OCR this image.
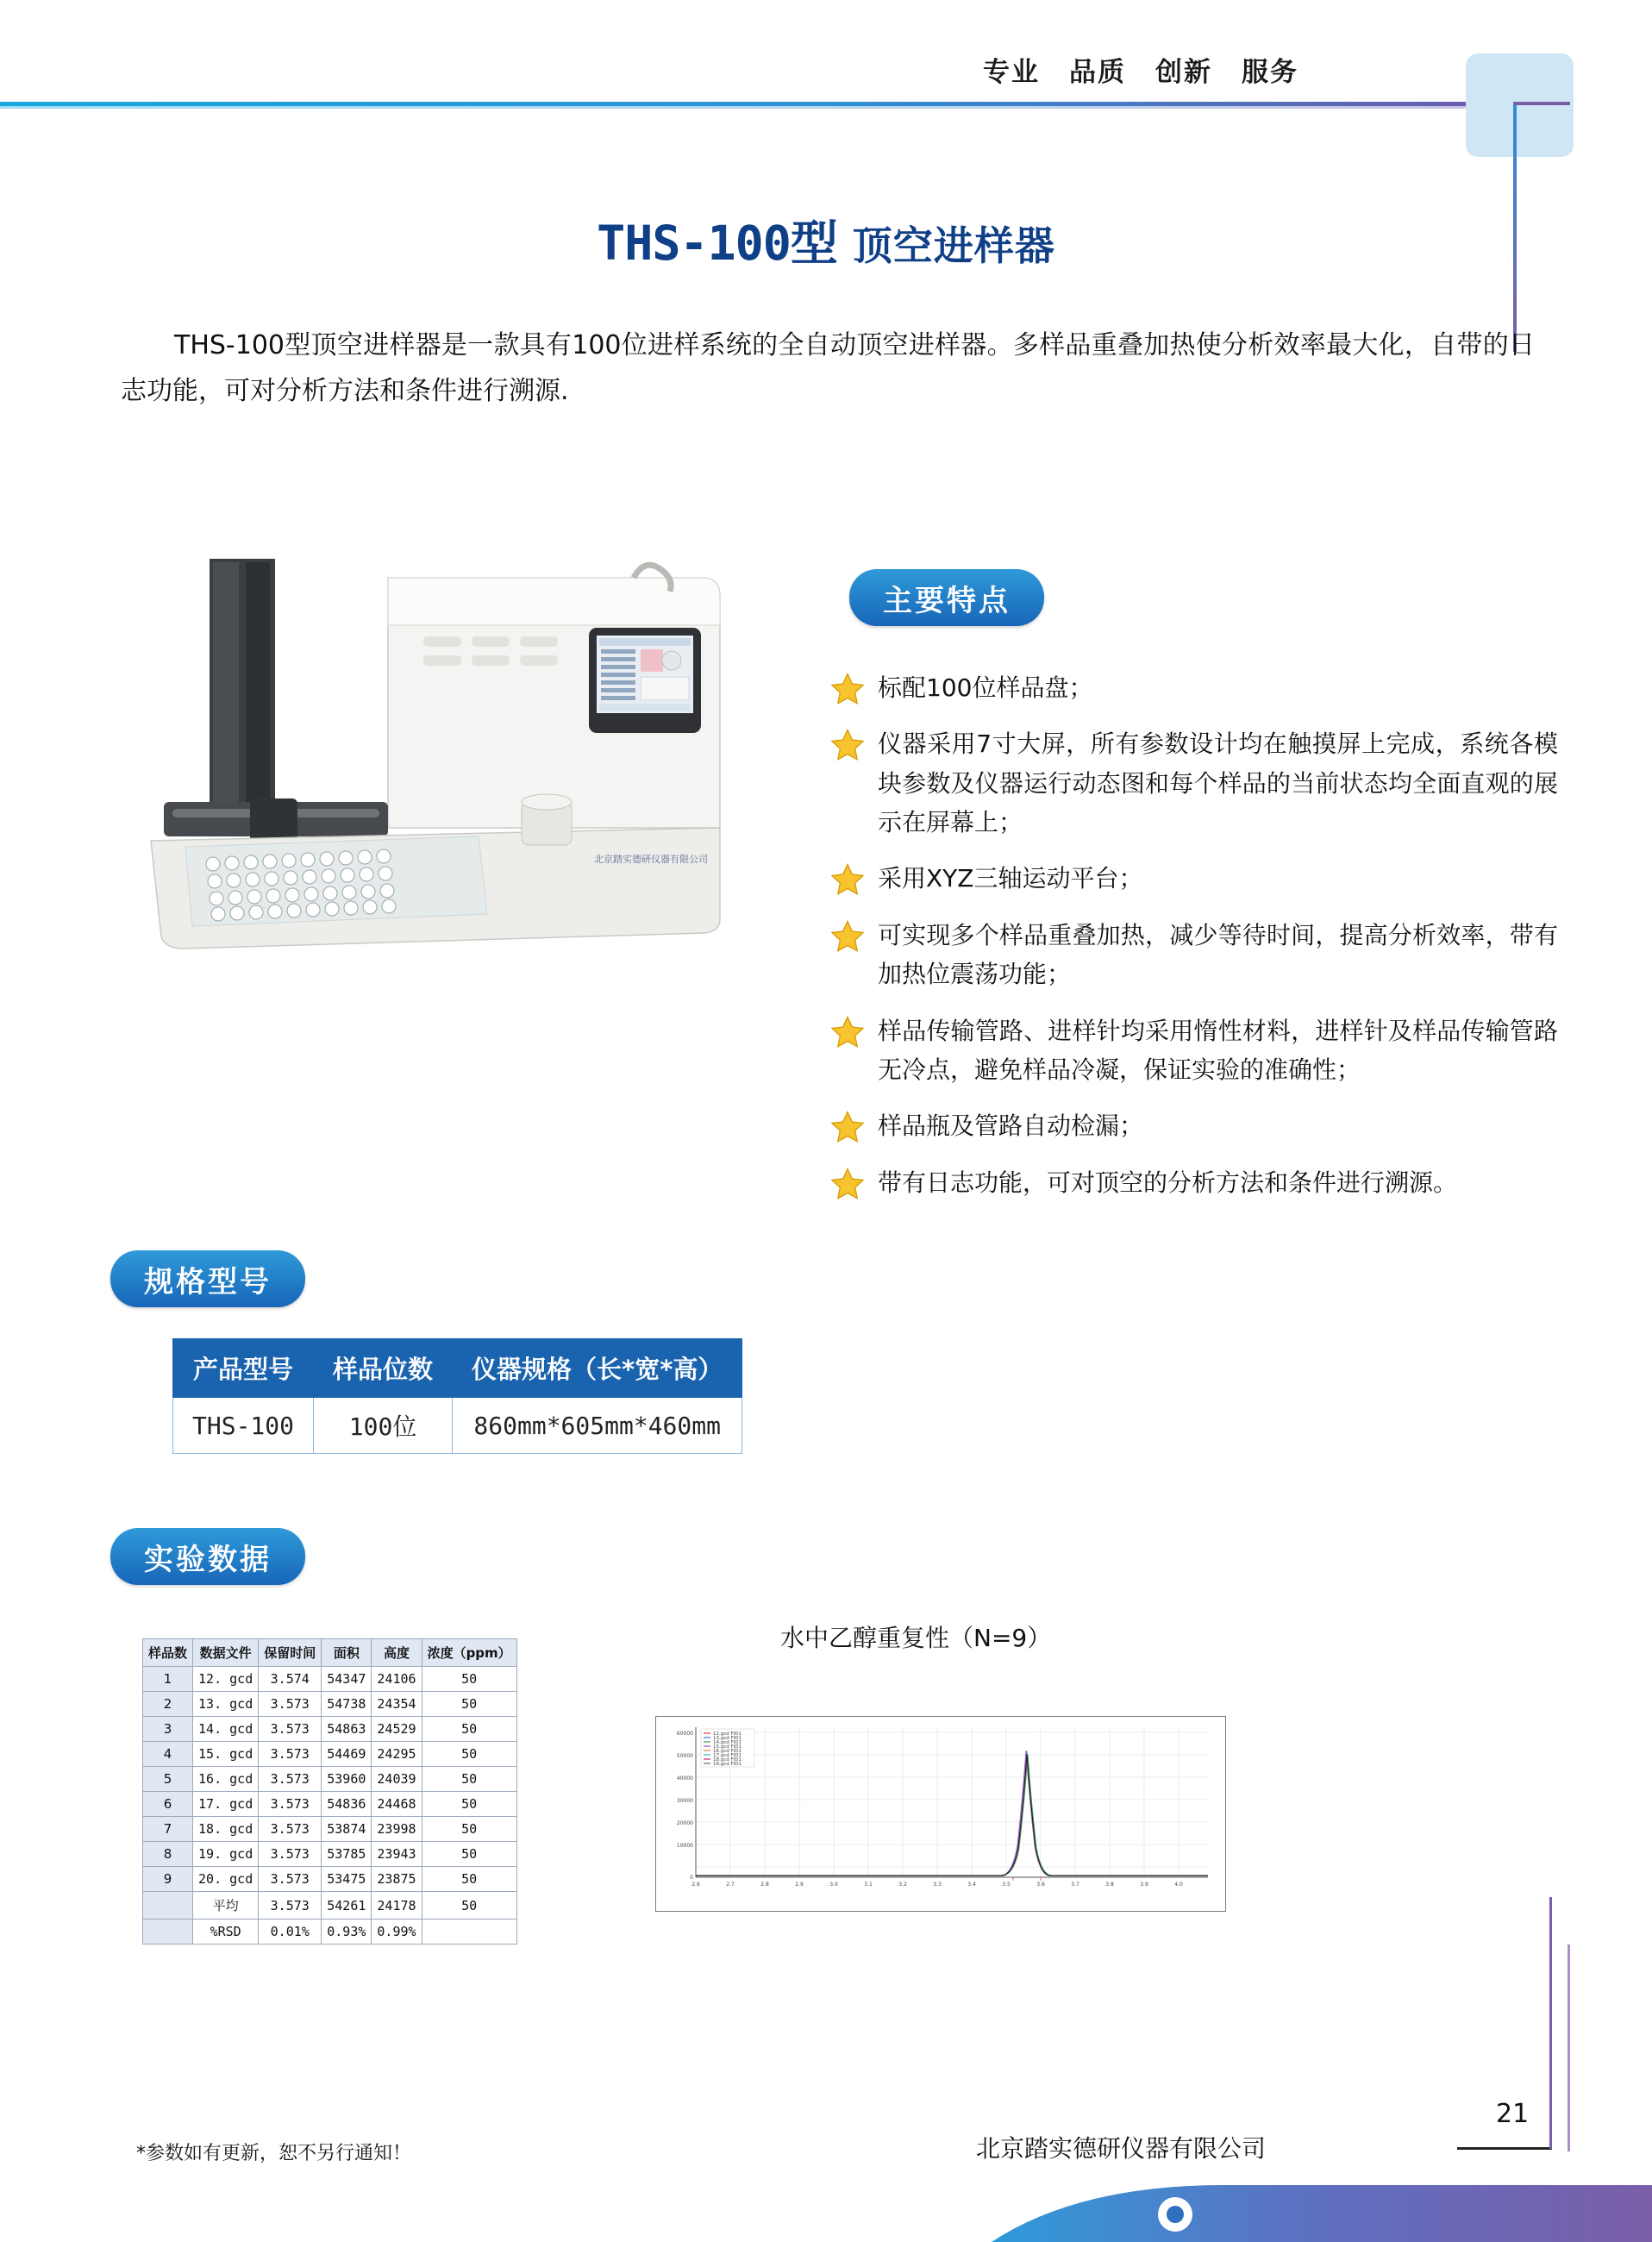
专业 品质 创新 服务
THS-100型 顶空进样器
THS-100型顶空进样器是一款具有100位进样系统的全自动顶空进样器。多样品重叠加热使分析效率最大化，自带的日志功能，可对分析方法和条件进行溯源.
北京踏实德研仪器有限公司
主要特点
标配100位样品盘；
仪器采用7寸大屏，所有参数设计均在触摸屏上完成，系统各模块参数及仪器运行动态图和每个样品的当前状态均全面直观的展示在屏幕上；
采用XYZ三轴运动平台；
可实现多个样品重叠加热，减少等待时间，提高分析效率，带有加热位震荡功能；
样品传输管路、进样针均采用惰性材料，进样针及样品传输管路无冷点，避免样品冷凝，保证实验的准确性；
样品瓶及管路自动检漏；
带有日志功能，可对顶空的分析方法和条件进行溯源。
规格型号
产品型号	样品位数	仪器规格（长*宽*高）
THS-100	100位	860mm*605mm*460mm
实验数据
样品数	数据文件	保留时间	面积	高度	浓度（ppm）
1	12. gcd	3.574	54347	24106	50
2	13. gcd	3.573	54738	24354	50
3	14. gcd	3.573	54863	24529	50
4	15. gcd	3.573	54469	24295	50
5	16. gcd	3.573	53960	24039	50
6	17. gcd	3.573	54836	24468	50
7	18. gcd	3.573	53874	23998	50
8	19. gcd	3.573	53785	23943	50
9	20. gcd	3.573	53475	23875	50
	平均	3.573	54261	24178	50
	%RSD	0.01%	0.93%	0.99%	
水中乙醇重复性（N=9）
60000
50000
40000
30000
20000
10000
0
2.6	2.7	2.8	2.9	3.0	3.1	3.2	3.3	3.4	3.5	3.6	3.7	3.8	3.9	4.0
12.gcd FID1
13.gcd FID1
14.gcd FID1
15.gcd FID1
16.gcd FID1
17.gcd FID1
18.gcd FID1
19.gcd FID1
*参数如有更新，恕不另行通知！	北京踏实德研仪器有限公司
21
